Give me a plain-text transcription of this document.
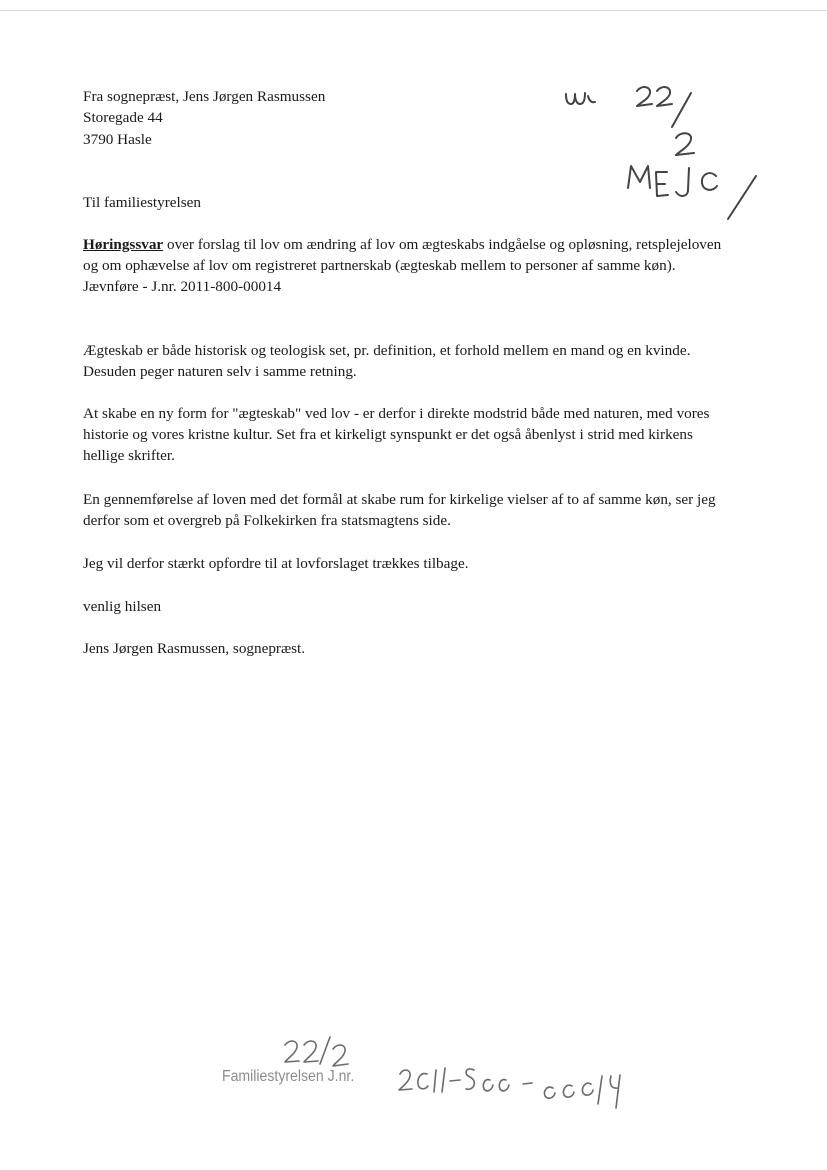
Fra sognepræst, Jens Jørgen Rasmussen
Storegade 44
3790 Hasle
Til familiestyrelsen
Høringssvar over forslag til lov om ændring af lov om ægteskabs indgåelse og opløsning, retsplejeloven
og om ophævelse af lov om registreret partnerskab (ægteskab mellem to personer af samme køn).
Jævnføre - J.nr. 2011-800-00014
Ægteskab er både historisk og teologisk set, pr. definition, et forhold mellem en mand og en kvinde.
Desuden peger naturen selv i samme retning.
At skabe en ny form for "ægteskab" ved lov - er derfor i direkte modstrid både med naturen, med vores
historie og vores kristne kultur. Set fra et kirkeligt synspunkt er det også åbenlyst i strid med kirkens
hellige skrifter.
En gennemførelse af loven med det formål at skabe rum for kirkelige vielser af to af samme køn, ser jeg
derfor som et overgreb på Folkekirken fra statsmagtens side.
Jeg vil derfor stærkt opfordre til at lovforslaget trækkes tilbage.
venlig hilsen
Jens Jørgen Rasmussen, sognepræst.
Familiestyrelsen J.nr.
